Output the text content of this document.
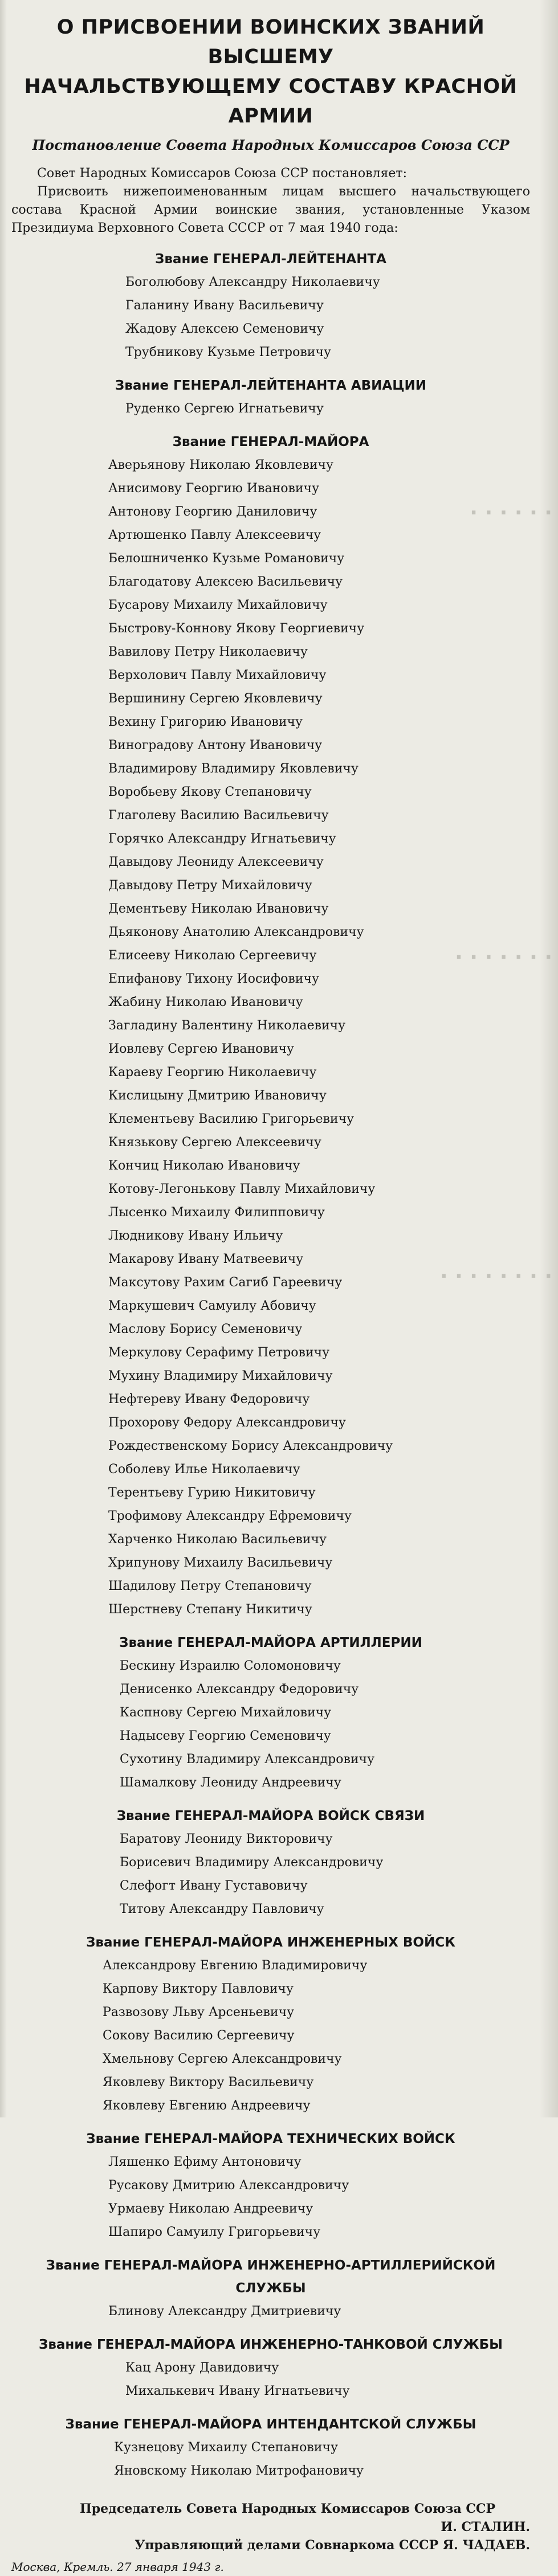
· · · · · ·
· · · · · · ·
· · · · · · · ·
О ПРИСВОЕНИИ ВОИНСКИХ ЗВАНИЙ ВЫСШЕМУ
НАЧАЛЬСТВУЮЩЕМУ СОСТАВУ КРАСНОЙ АРМИИ
Постановление Совета Народных Комиссаров Союза ССР

Совет Народных Комиссаров Союза ССР постановляет:

Присвоить нижепоименованным лицам высшего начальствующего состава Красной Армии воинские звания, установленные Указом Президиума Верховного Совета СССР от 7 мая 1940 года:

Звание ГЕНЕРАЛ-ЛЕЙТЕНАНТА
Боголюбову Александру Николаевичу
Галанину Ивану Васильевичу
Жадову Алексею Семеновичу
Трубникову Кузьме Петровичу
Звание ГЕНЕРАЛ-ЛЕЙТЕНАНТА АВИАЦИИ
Руденко Сергею Игнатьевичу
Звание ГЕНЕРАЛ-МАЙОРА
Аверьянову Николаю Яковлевичу
Анисимову Георгию Ивановичу
Антонову Георгию Даниловичу
Артюшенко Павлу Алексеевичу
Белошниченко Кузьме Романовичу
Благодатову Алексею Васильевичу
Бусарову Михаилу Михайловичу
Быстрову-Коннову Якову Георгиевичу
Вавилову Петру Николаевичу
Верхолович Павлу Михайловичу
Вершинину Сергею Яковлевичу
Вехину Григорию Ивановичу
Виноградову Антону Ивановичу
Владимирову Владимиру Яковлевичу
Воробьеву Якову Степановичу
Глаголеву Василию Васильевичу
Горячко Александру Игнатьевичу
Давыдову Леониду Алексеевичу
Давыдову Петру Михайловичу
Дементьеву Николаю Ивановичу
Дьяконову Анатолию Александровичу
Елисееву Николаю Сергеевичу
Епифанову Тихону Иосифовичу
Жабину Николаю Ивановичу
Загладину Валентину Николаевичу
Иовлеву Сергею Ивановичу
Караеву Георгию Николаевичу
Кислицыну Дмитрию Ивановичу
Клементьеву Василию Григорьевичу
Князькову Сергею Алексеевичу
Кончиц Николаю Ивановичу
Котову-Легонькову Павлу Михайловичу
Лысенко Михаилу Филипповичу
Людникову Ивану Ильичу
Макарову Ивану Матвеевичу
Максутову Рахим Сагиб Гареевичу
Маркушевич Самуилу Абовичу
Маслову Борису Семеновичу
Меркулову Серафиму Петровичу
Мухину Владимиру Михайловичу
Нефтереву Ивану Федоровичу
Прохорову Федору Александровичу
Рождественскому Борису Александровичу
Соболеву Илье Николаевичу
Терентьеву Гурию Никитовичу
Трофимову Александру Ефремовичу
Харченко Николаю Васильевичу
Хрипунову Михаилу Васильевичу
Шадилову Петру Степановичу
Шерстневу Степану Никитичу
Звание ГЕНЕРАЛ-МАЙОРА АРТИЛЛЕРИИ
Бескину Израилю Соломоновичу
Денисенко Александру Федоровичу
Каспнову Сергею Михайловичу
Надысеву Георгию Семеновичу
Сухотину Владимиру Александровичу
Шамалкову Леониду Андреевичу
Звание ГЕНЕРАЛ-МАЙОРА ВОЙСК СВЯЗИ
Баратову Леониду Викторовичу
Борисевич Владимиру Александровичу
Слефогт Ивану Густавовичу
Титову Александру Павловичу
Звание ГЕНЕРАЛ-МАЙОРА ИНЖЕНЕРНЫХ ВОЙСК
Александрову Евгению Владимировичу
Карпову Виктору Павловичу
Развозову Льву Арсеньевичу
Сокову Василию Сергеевичу
Хмельнову Сергею Александровичу
Яковлеву Виктору Васильевичу
Яковлеву Евгению Андреевичу
Звание ГЕНЕРАЛ-МАЙОРА ТЕХНИЧЕСКИХ ВОЙСК
Ляшенко Ефиму Антоновичу
Русакову Дмитрию Александровичу
Урмаеву Николаю Андреевичу
Шапиро Самуилу Григорьевичу
Звание ГЕНЕРАЛ-МАЙОРА ИНЖЕНЕРНО-АРТИЛЛЕРИЙСКОЙ СЛУЖБЫ
Блинову Александру Дмитриевичу
Звание ГЕНЕРАЛ-МАЙОРА ИНЖЕНЕРНО-ТАНКОВОЙ СЛУЖБЫ
Кац Арону Давидовичу
Михалькевич Ивану Игнатьевичу
Звание ГЕНЕРАЛ-МАЙОРА ИНТЕНДАНТСКОЙ СЛУЖБЫ
Кузнецову Михаилу Степановичу
Яновскому Николаю Митрофановичу
Председатель Совета Народных Комиссаров Союза ССР
И. СТАЛИН.
Управляющий делами Совнаркома СССР Я. ЧАДАЕВ.
Москва, Кремль. 27 января 1943 г.
